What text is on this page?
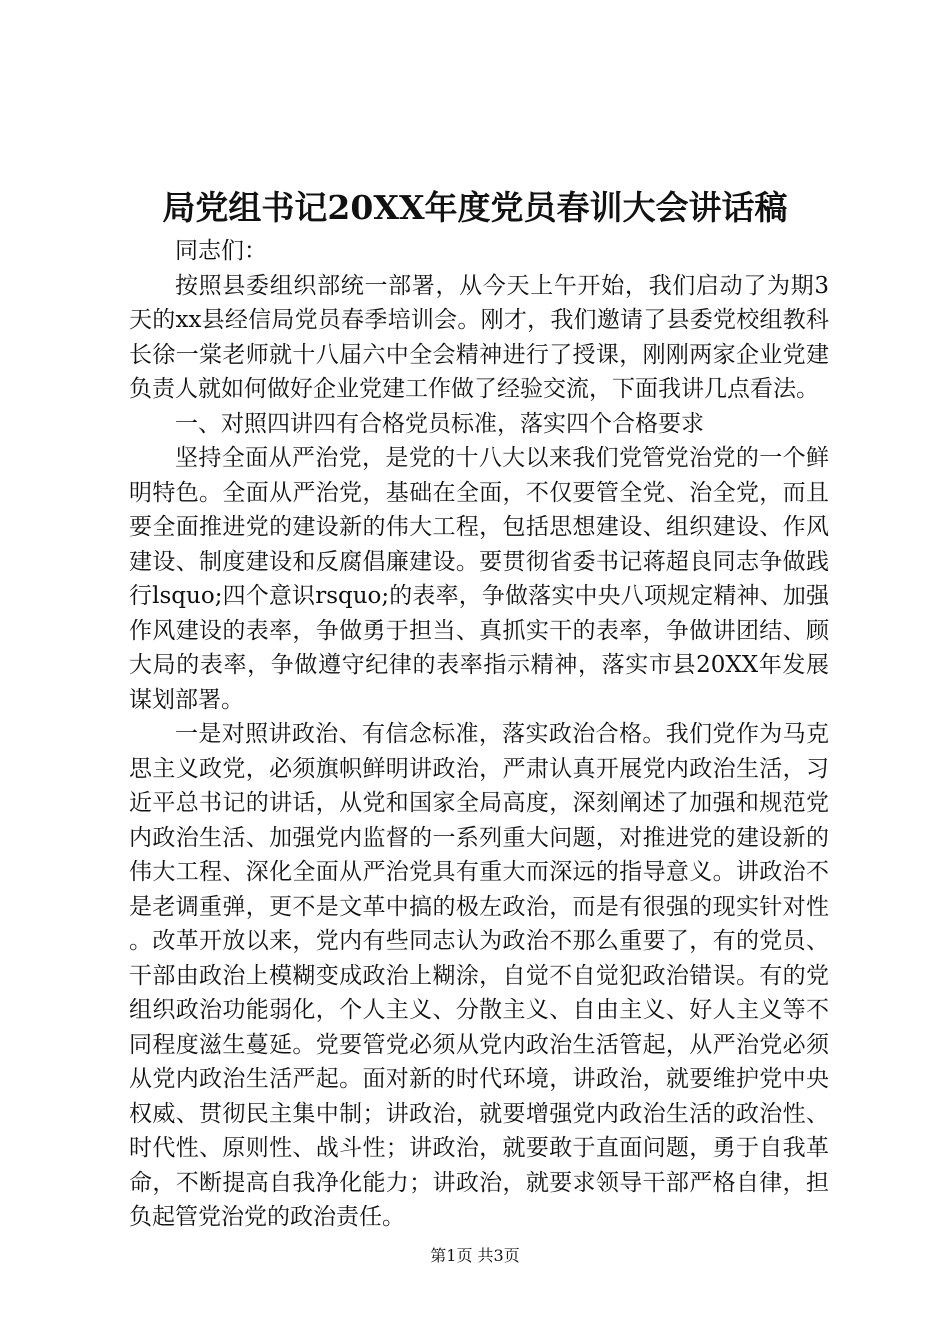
局党组书记20XX年度党员春训大会讲话稿

同志们：

按照县委组织部统一部署，从今天上午开始，我们启动了为期3天的xx县经信局党员春季培训会。刚才，我们邀请了县委党校组教科长徐一棠老师就十八届六中全会精神进行了授课，刚刚两家企业党建负责人就如何做好企业党建工作做了经验交流，下面我讲几点看法。

一、对照四讲四有合格党员标准，落实四个合格要求

坚持全面从严治党，是党的十八大以来我们党管党治党的一个鲜明特色。全面从严治党，基础在全面，不仅要管全党、治全党，而且要全面推进党的建设新的伟大工程，包括思想建设、组织建设、作风建设、制度建设和反腐倡廉建设。要贯彻省委书记蒋超良同志争做践行lsquo;四个意识rsquo;的表率，争做落实中央八项规定精神、加强作风建设的表率，争做勇于担当、真抓实干的表率，争做讲团结、顾大局的表率，争做遵守纪律的表率指示精神，落实市县20XX年发展谋划部署。

一是对照讲政治、有信念标准，落实政治合格。我们党作为马克思主义政党，必须旗帜鲜明讲政治，严肃认真开展党内政治生活，习近平总书记的讲话，从党和国家全局高度，深刻阐述了加强和规范党内政治生活、加强党内监督的一系列重大问题，对推进党的建设新的伟大工程、深化全面从严治党具有重大而深远的指导意义。讲政治不是老调重弹，更不是文革中搞的极左政治，而是有很强的现实针对性。改革开放以来，党内有些同志认为政治不那么重要了，有的党员、干部由政治上模糊变成政治上糊涂，自觉不自觉犯政治错误。有的党组织政治功能弱化，个人主义、分散主义、自由主义、好人主义等不同程度滋生蔓延。党要管党必须从党内政治生活管起，从严治党必须从党内政治生活严起。面对新的时代环境，讲政治，就要维护党中央权威、贯彻民主集中制；讲政治，就要增强党内政治生活的政治性、时代性、原则性、战斗性；讲政治，就要敢于直面问题，勇于自我革命，不断提高自我净化能力；讲政治，就要求领导干部严格自律，担负起管党治党的政治责任。

第1页 共3页
